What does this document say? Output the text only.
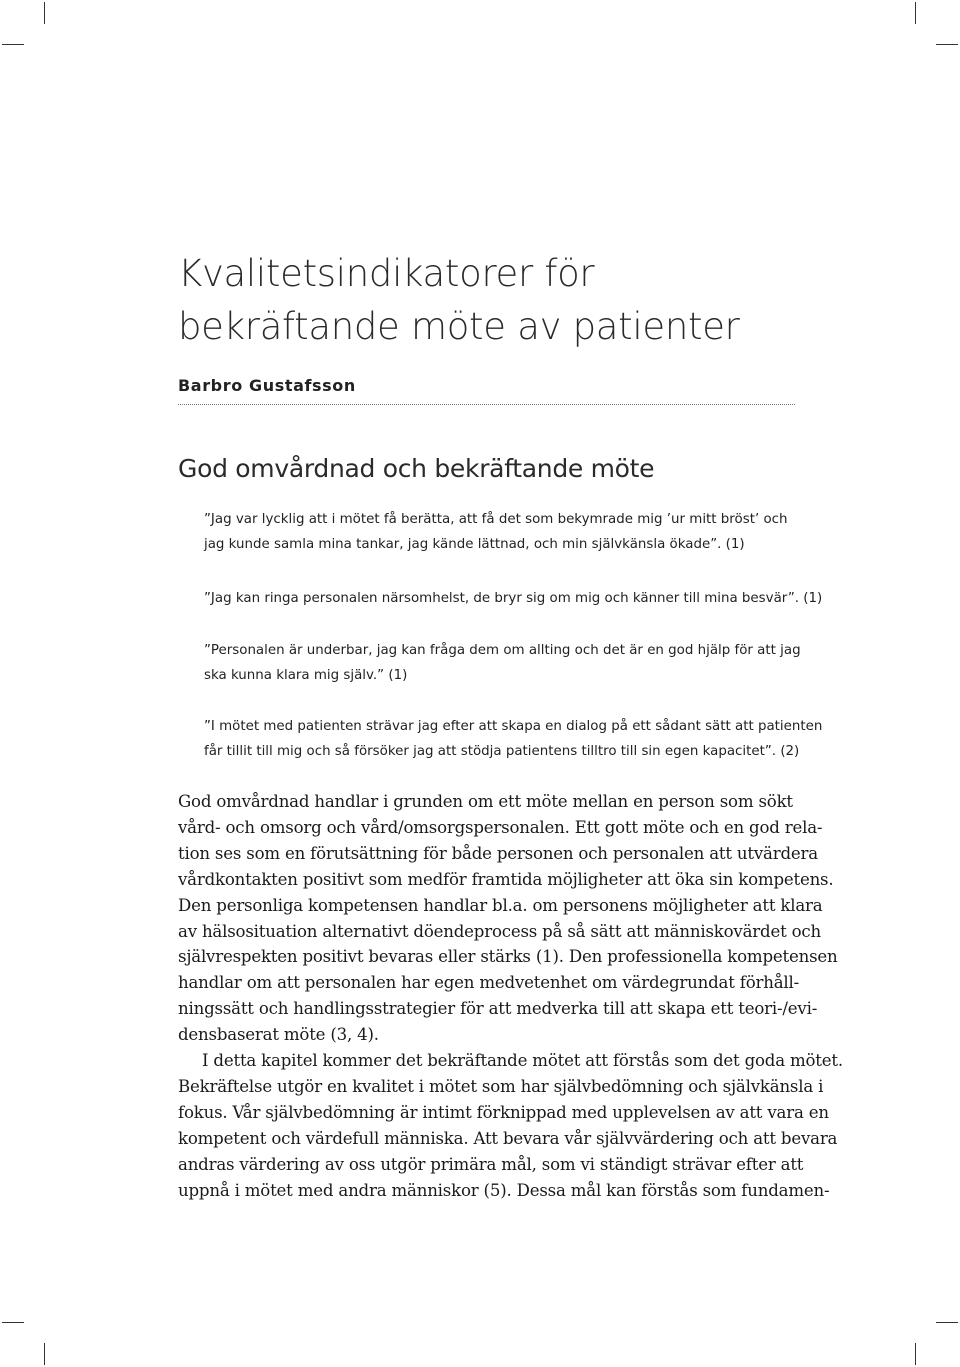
Kvalitetsindikatorer för
bekräftande möte av patienter
Barbro Gustafsson
God omvårdnad och bekräftande möte

”Jag var lycklig att i mötet få berätta, att få det som bekymrade mig ’ur mitt bröst’ och
jag kunde samla mina tankar, jag kände lättnad, och min självkänsla ökade”. (1)

”Jag kan ringa personalen närsomhelst, de bryr sig om mig och känner till mina besvär”. (1)

”Personalen är underbar, jag kan fråga dem om allting och det är en god hjälp för att jag
ska kunna klara mig själv.” (1)

”I mötet med patienten strävar jag efter att skapa en dialog på ett sådant sätt att patienten
får tillit till mig och så försöker jag att stödja patientens tilltro till sin egen kapacitet”. (2)

God omvårdnad handlar i grunden om ett möte mellan en person som sökt
vård- och omsorg och vård/omsorgspersonalen. Ett gott möte och en god rela-
tion ses som en förutsättning för både personen och personalen att utvärdera
vårdkontakten positivt som medför framtida möjligheter att öka sin kompetens.
Den personliga kompetensen handlar bl.a. om personens möjligheter att klara
av hälsosituation alternativt döendeprocess på så sätt att människovärdet och
självrespekten positivt bevaras eller stärks (1). Den professionella kompetensen
handlar om att personalen har egen medvetenhet om värdegrundat förhåll-
ningssätt och handlingsstrategier för att medverka till att skapa ett teori-/evi-
densbaserat möte (3, 4).

I detta kapitel kommer det bekräftande mötet att förstås som det goda mötet.
Bekräftelse utgör en kvalitet i mötet som har självbedömning och självkänsla i
fokus. Vår självbedömning är intimt förknippad med upplevelsen av att vara en
kompetent och värdefull människa. Att bevara vår självvärdering och att bevara
andras värdering av oss utgör primära mål, som vi ständigt strävar efter att
uppnå i mötet med andra människor (5). Dessa mål kan förstås som fundamen-
